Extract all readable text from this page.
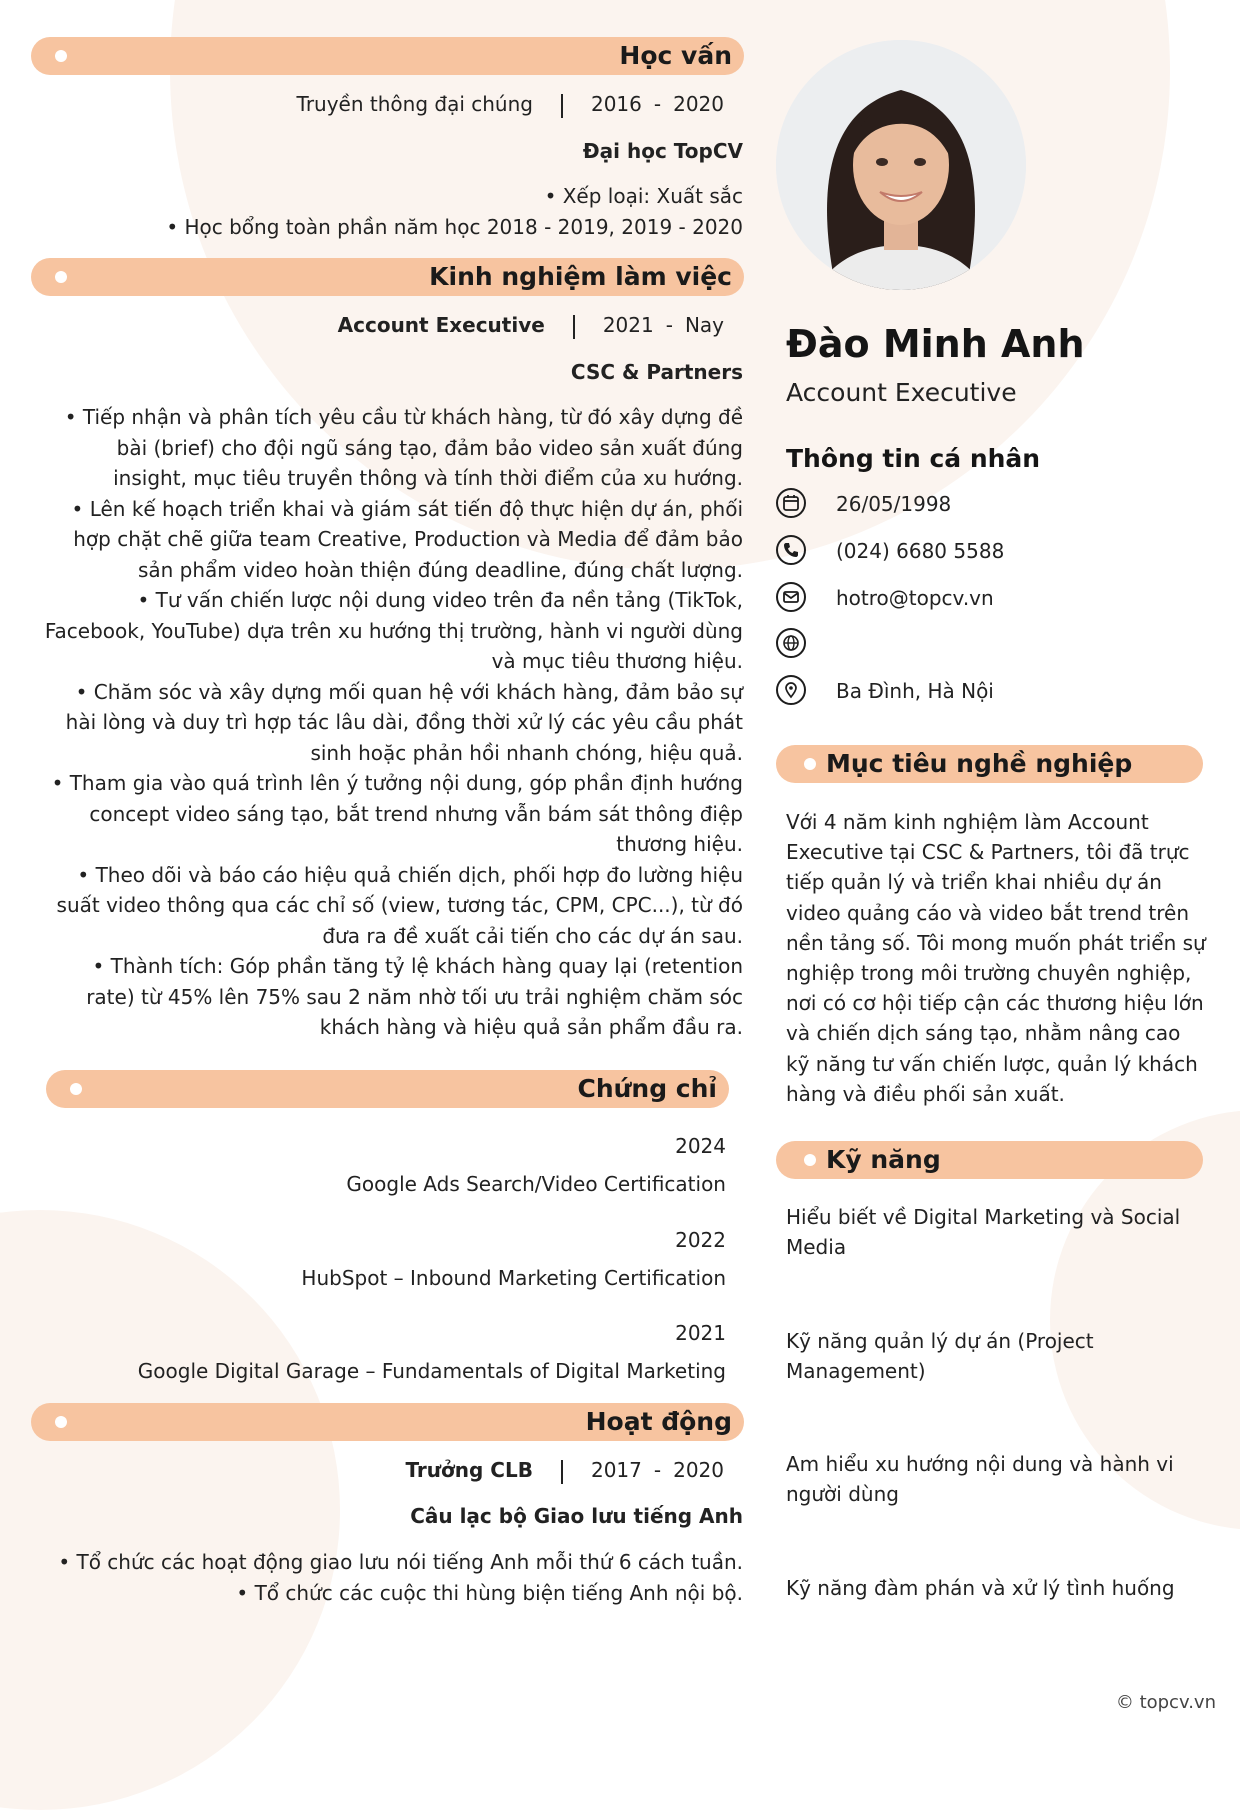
Học vấn
Truyền thông đại chúng	2016 - 2020
Đại học TopCV
• Xếp loại: Xuất sắc
• Học bổng toàn phần năm học 2018 - 2019, 2019 - 2020
Kinh nghiệm làm việc
Account Executive	2021 - Nay
CSC & Partners
• Tiếp nhận và phân tích yêu cầu từ khách hàng, từ đó xây dựng đề bài (brief) cho đội ngũ sáng tạo, đảm bảo video sản xuất đúng insight, mục tiêu truyền thông và tính thời điểm của xu hướng.
• Lên kế hoạch triển khai và giám sát tiến độ thực hiện dự án, phối hợp chặt chẽ giữa team Creative, Production và Media để đảm bảo sản phẩm video hoàn thiện đúng deadline, đúng chất lượng.
• Tư vấn chiến lược nội dung video trên đa nền tảng (TikTok, Facebook, YouTube) dựa trên xu hướng thị trường, hành vi người dùng và mục tiêu thương hiệu.
• Chăm sóc và xây dựng mối quan hệ với khách hàng, đảm bảo sự hài lòng và duy trì hợp tác lâu dài, đồng thời xử lý các yêu cầu phát sinh hoặc phản hồi nhanh chóng, hiệu quả.
• Tham gia vào quá trình lên ý tưởng nội dung, góp phần định hướng concept video sáng tạo, bắt trend nhưng vẫn bám sát thông điệp thương hiệu.
• Theo dõi và báo cáo hiệu quả chiến dịch, phối hợp đo lường hiệu suất video thông qua các chỉ số (view, tương tác, CPM, CPC...), từ đó đưa ra đề xuất cải tiến cho các dự án sau.
• Thành tích: Góp phần tăng tỷ lệ khách hàng quay lại (retention rate) từ 45% lên 75% sau 2 năm nhờ tối ưu trải nghiệm chăm sóc khách hàng và hiệu quả sản phẩm đầu ra.
Chứng chỉ
2024
Google Ads Search/Video Certification
2022
HubSpot – Inbound Marketing Certification
2021
Google Digital Garage – Fundamentals of Digital Marketing
Hoạt động
Trưởng CLB	2017 - 2020
Câu lạc bộ Giao lưu tiếng Anh
• Tổ chức các hoạt động giao lưu nói tiếng Anh mỗi thứ 6 cách tuần.
• Tổ chức các cuộc thi hùng biện tiếng Anh nội bộ.
Đào Minh Anh
Account Executive
Thông tin cá nhân
26/05/1998
(024) 6680 5588
hotro@topcv.vn
Ba Đình, Hà Nội
Mục tiêu nghề nghiệp
Với 4 năm kinh nghiệm làm Account Executive tại CSC & Partners, tôi đã trực tiếp quản lý và triển khai nhiều dự án video quảng cáo và video bắt trend trên nền tảng số. Tôi mong muốn phát triển sự nghiệp trong môi trường chuyên nghiệp, nơi có cơ hội tiếp cận các thương hiệu lớn và chiến dịch sáng tạo, nhằm nâng cao kỹ năng tư vấn chiến lược, quản lý khách hàng và điều phối sản xuất.
Kỹ năng
Hiểu biết về Digital Marketing và Social Media
Kỹ năng quản lý dự án (Project Management)
Am hiểu xu hướng nội dung và hành vi người dùng
Kỹ năng đàm phán và xử lý tình huống
© topcv.vn
